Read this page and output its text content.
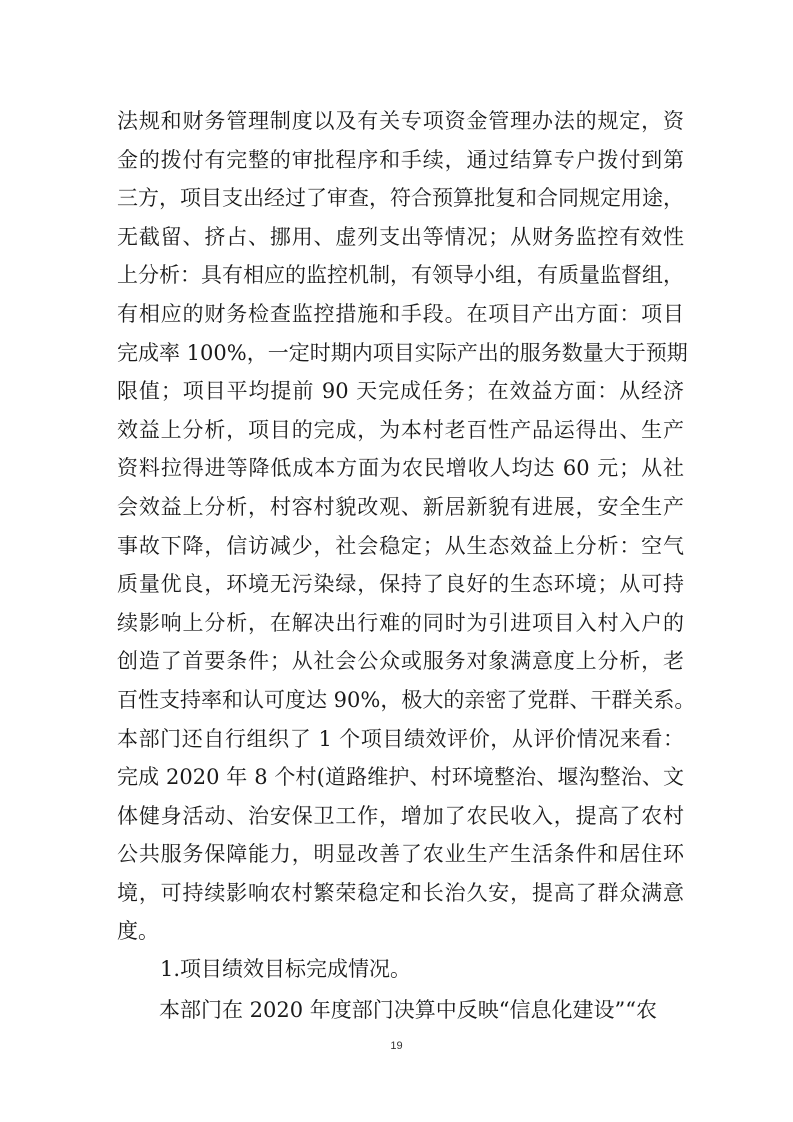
法规和财务管理制度以及有关专项资金管理办法的规定，资
金的拨付有完整的审批程序和手续，通过结算专户拨付到第
三方，项目支出经过了审查，符合预算批复和合同规定用途，
无截留、挤占、挪用、虚列支出等情况；从财务监控有效性
上分析：具有相应的监控机制，有领导小组，有质量监督组，
有相应的财务检查监控措施和手段。在项目产出方面：项目
完成率 100%，一定时期内项目实际产出的服务数量大于预期
限值；项目平均提前 90 天完成任务；在效益方面：从经济
效益上分析，项目的完成，为本村老百性产品运得出、生产
资料拉得进等降低成本方面为农民增收人均达 60 元；从社
会效益上分析，村容村貌改观、新居新貌有进展，安全生产
事故下降，信访减少，社会稳定；从生态效益上分析：空气
质量优良，环境无污染绿，保持了良好的生态环境；从可持
续影响上分析，在解决出行难的同时为引进项目入村入户的
创造了首要条件；从社会公众或服务对象满意度上分析，老
百性支持率和认可度达 90%，极大的亲密了党群、干群关系。
本部门还自行组织了 1 个项目绩效评价，从评价情况来看：
完成 2020 年 8 个村(道路维护、村环境整治、堰沟整治、文
体健身活动、治安保卫工作，增加了农民收入，提高了农村
公共服务保障能力，明显改善了农业生产生活条件和居住环
境，可持续影响农村繁荣稳定和长治久安，提高了群众满意
度。
1.项目绩效目标完成情况。
本部门在 2020 年度部门决算中反映“信息化建设”“农
19
